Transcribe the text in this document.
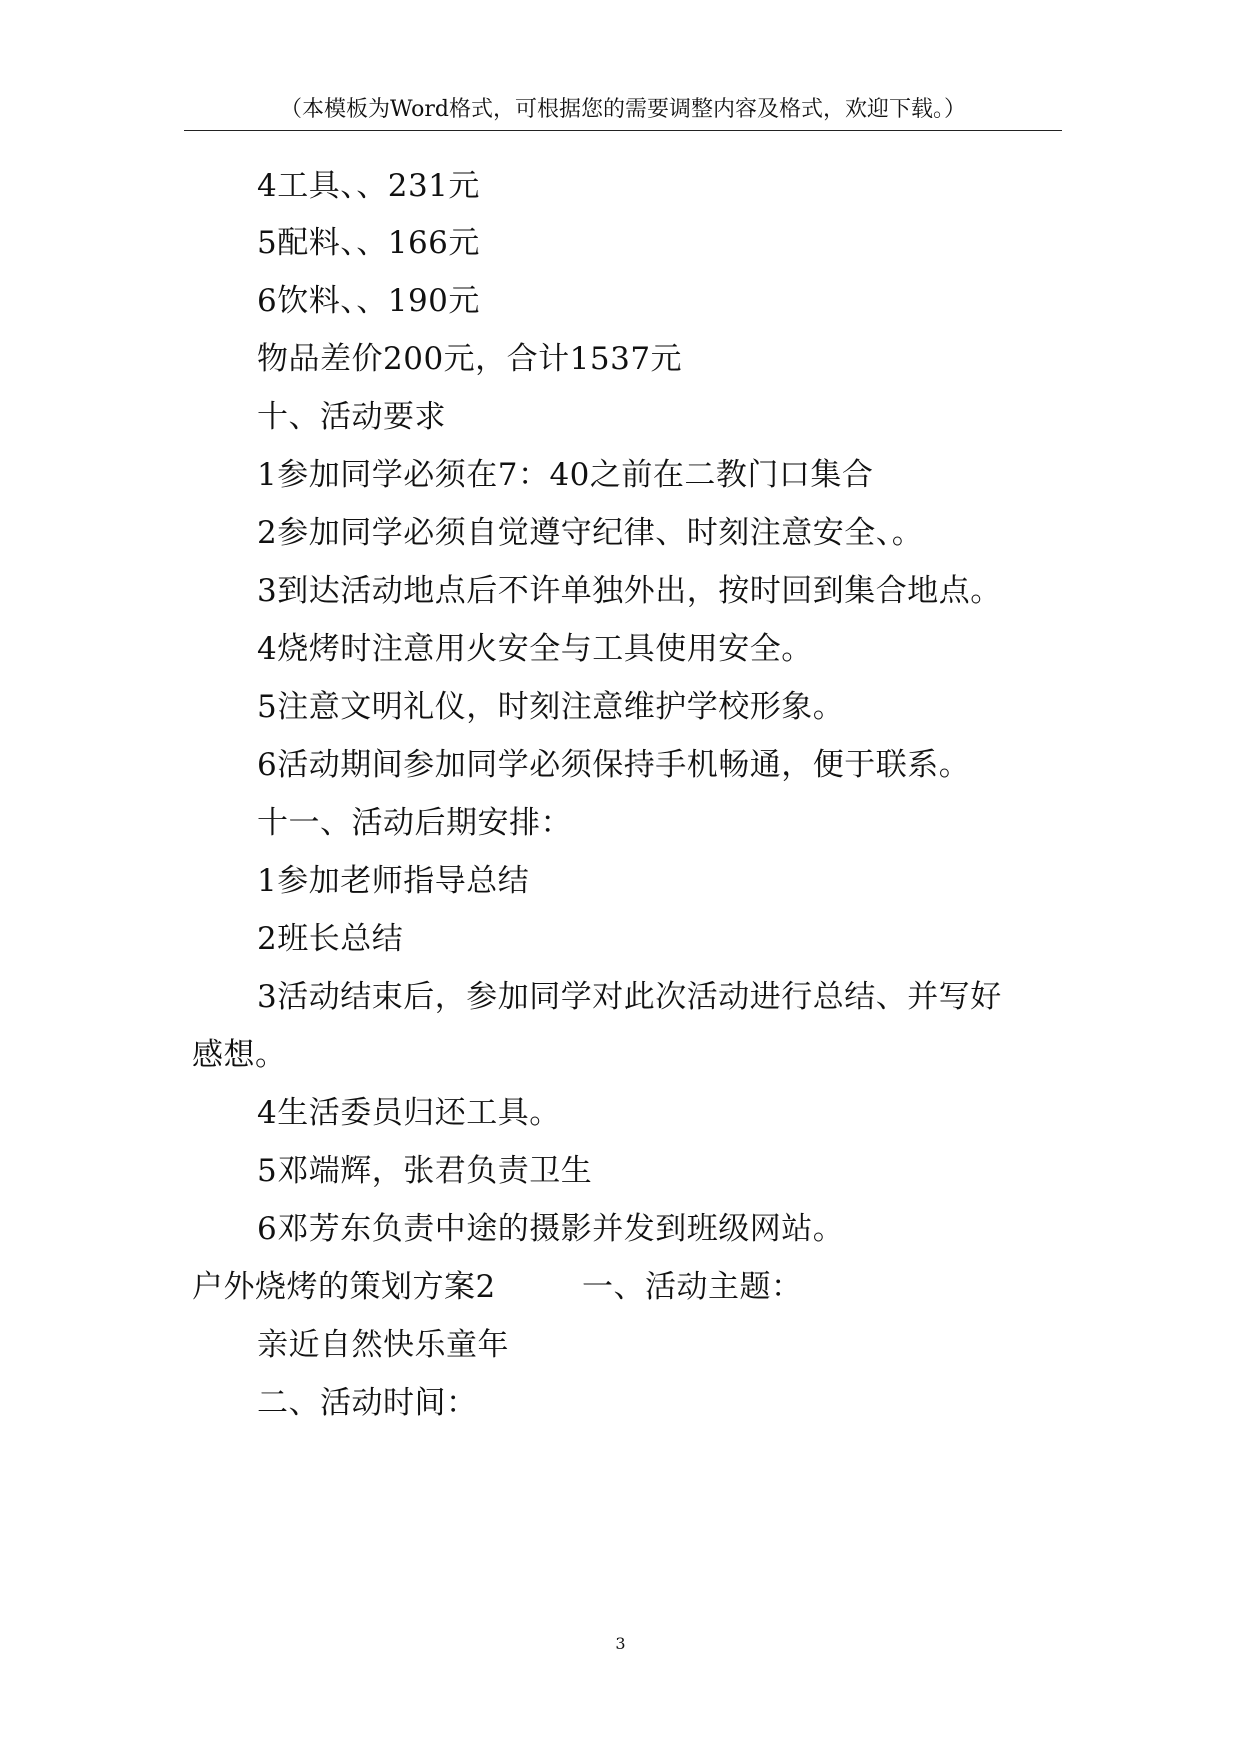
（本模板为Word格式，可根据您的需要调整内容及格式，欢迎下载。）
4工具、、231元
5配料、、166元
6饮料、、190元
物品差价200元，合计1537元
十、活动要求
1参加同学必须在7：40之前在二教门口集合
2参加同学必须自觉遵守纪律、时刻注意安全、。
3到达活动地点后不许单独外出，按时回到集合地点。
4烧烤时注意用火安全与工具使用安全。
5注意文明礼仪，时刻注意维护学校形象。
6活动期间参加同学必须保持手机畅通，便于联系。
十一、活动后期安排：
1参加老师指导总结
2班长总结
3活动结束后，参加同学对此次活动进行总结、并写好
感想。
4生活委员归还工具。
5邓端辉，张君负责卫生
6邓芳东负责中途的摄影并发到班级网站。
户外烧烤的策划方案2	一、活动主题：
亲近自然快乐童年
二、活动时间：
3
